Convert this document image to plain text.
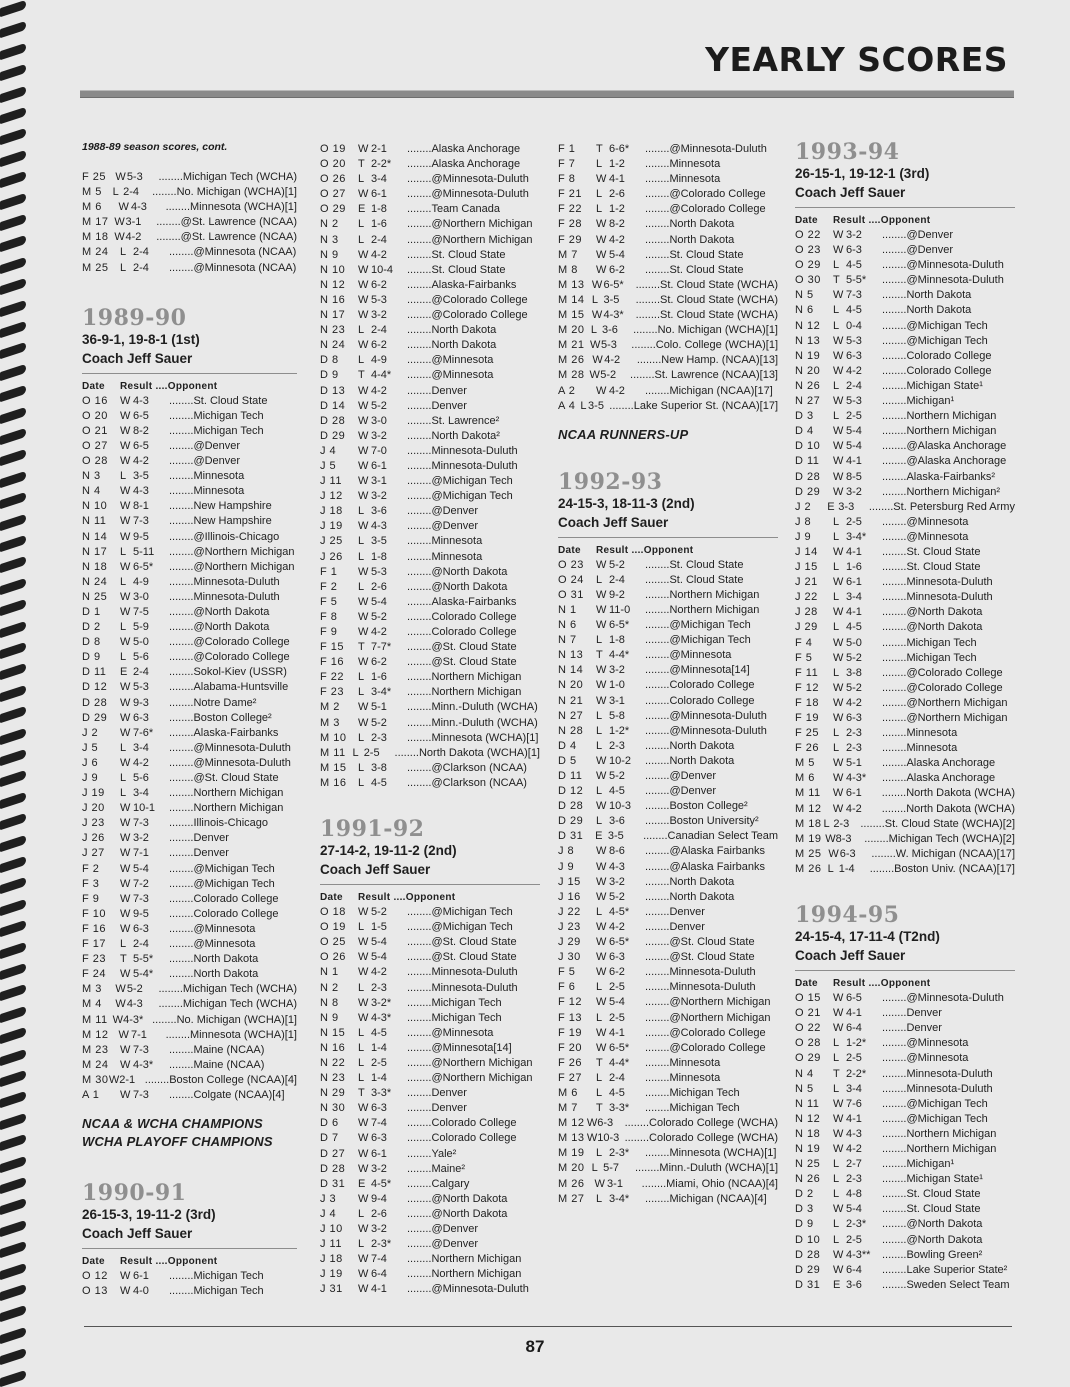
YEARLY SCORES
1988-89 season scores, cont.
F 25 W 5-3	........Michigan Tech (WCHA)
M 5 L 2-4	........No. Michigan (WCHA)[1]
M 6	W 4-3	........Minnesota (WCHA)[1]
M 17 W 3-1	........@St. Lawrence (NCAA)
M 18 W 4-2	........@St. Lawrence (NCAA)
M 24	L 2-4	........@Minnesota (NCAA)
M 25	L 2-4	........@Minnesota (NCAA)
1989-90
36-9-1, 19-8-1 (1st)
Coach Jeff Sauer
Date	Result ....Opponent
O 16	W 4-3	........St. Cloud State
O 20	W 6-5	........Michigan Tech
O 21	W 8-2	........Michigan Tech
O 27	W 6-5	........@Denver
O 28	W 4-2	........@Denver
N 3	L 3-5	........Minnesota
N 4	W 4-3	........Minnesota
N 10	W 8-1	........New Hampshire
N 11	W 7-3	........New Hampshire
N 14	W 9-5	........@Illinois-Chicago
N 17	L 5-11	........@Northern Michigan
N 18	W 6-5*	........@Northern Michigan
N 24	L 4-9	........Minnesota-Duluth
N 25	W 3-0	........Minnesota-Duluth
D 1	W 7-5	........@North Dakota
D 2	L 5-9	........@North Dakota
D 8	W 5-0	........@Colorado College
D 9	L 5-6	........@Colorado College
D 11	E 2-4	........Sokol-Kiev (USSR)
D 12	W 5-3	........Alabama-Huntsville
D 28	W 9-3	........Notre Dame²
D 29	W 6-3	........Boston College²
J 2	W 7-6*	........Alaska-Fairbanks
J 5	L 3-4	........@Minnesota-Duluth
J 6	W 4-2	........@Minnesota-Duluth
J 9	L 5-6	........@St. Cloud State
J 19	L 3-4	........Northern Michigan
J 20	W 10-1	........Northern Michigan
J 23	W 7-3	........Illinois-Chicago
J 26	W 3-2	........Denver
J 27	W 7-1	........Denver
F 2	W 5-4	........@Michigan Tech
F 3	W 7-2	........@Michigan Tech
F 9	W 7-3	........Colorado College
F 10	W 9-5	........Colorado College
F 16	W 6-3	........@Minnesota
F 17	L 2-4	........@Minnesota
F 23	T 5-5*	........North Dakota
F 24	W 5-4*	........North Dakota
M 3	W 5-2	........Michigan Tech (WCHA)
M 4	W 4-3	........Michigan Tech (WCHA)
M 11 W 4-3* ........No. Michigan (WCHA)[1]
M 12 W 7-1	........Minnesota (WCHA)[1]
M 23	W 7-3	........Maine (NCAA)
M 24	W 4-3*	........Maine (NCAA)
M 30 W 2-1 ........Boston College (NCAA)[4]
A 1	W 7-3	........Colgate (NCAA)[4]
NCAA & WCHA CHAMPIONS
WCHA PLAYOFF CHAMPIONS
1990-91
26-15-3, 19-11-2 (3rd)
Coach Jeff Sauer
Date	Result ....Opponent
O 12	W 6-1	........Michigan Tech
O 13	W 4-0	........Michigan Tech
O 19	W 2-1	........Alaska Anchorage
O 20	T 2-2*	........Alaska Anchorage
O 26	L 3-4	........@Minnesota-Duluth
O 27	W 6-1	........@Minnesota-Duluth
O 29	E 1-8	........Team Canada
N 2	L 1-6	........@Northern Michigan
N 3	L 2-4	........@Northern Michigan
N 9	W 4-2	........St. Cloud State
N 10	W 10-4	........St. Cloud State
N 12	W 6-2	........Alaska-Fairbanks
N 16	W 5-3	........@Colorado College
N 17	W 3-2	........@Colorado College
N 23	L 2-4	........North Dakota
N 24	W 6-2	........North Dakota
D 8	L 4-9	........@Minnesota
D 9	T 4-4*	........@Minnesota
D 13	W 4-2	........Denver
D 14	W 5-2	........Denver
D 28	W 3-0	........St. Lawrence²
D 29	W 3-2	........North Dakota²
J 4	W 7-0	........Minnesota-Duluth
J 5	W 6-1	........Minnesota-Duluth
J 11	W 3-1	........@Michigan Tech
J 12	W 3-2	........@Michigan Tech
J 18	L 3-6	........@Denver
J 19	W 4-3	........@Denver
J 25	L 3-5	........Minnesota
J 26	L 1-8	........Minnesota
F 1	W 5-3	........@North Dakota
F 2	L 2-6	........@North Dakota
F 5	W 5-4	........Alaska-Fairbanks
F 8	W 5-2	........Colorado College
F 9	W 4-2	........Colorado College
F 15	T 7-7*	........@St. Cloud State
F 16	W 6-2	........@St. Cloud State
F 22	L 1-6	........Northern Michigan
F 23	L 3-4*	........Northern Michigan
M 2	W 5-1	........Minn.-Duluth (WCHA)
M 3	W 5-2	........Minn.-Duluth (WCHA)
M 10	L 2-3	........Minnesota (WCHA)[1]
M 11 L 2-5	........North Dakota (WCHA)[1]
M 15	L 3-8	........@Clarkson (NCAA)
M 16	L 4-5	........@Clarkson (NCAA)
1991-92
27-14-2, 19-11-2 (2nd)
Coach Jeff Sauer
Date	Result ....Opponent
O 18	W 5-2	........@Michigan Tech
O 19	L 1-5	........@Michigan Tech
O 25	W 5-4	........@St. Cloud State
O 26	W 5-4	........@St. Cloud State
N 1	W 4-2	........Minnesota-Duluth
N 2	L 2-3	........Minnesota-Duluth
N 8	W 3-2*	........Michigan Tech
N 9	W 4-3*	........Michigan Tech
N 15	L 4-5	........@Minnesota
N 16	L 1-4	........@Minnesota[14]
N 22	L 2-5	........@Northern Michigan
N 23	L 1-4	........@Northern Michigan
N 29	T 3-3*	........Denver
N 30	W 6-3	........Denver
D 6	W 7-4	........Colorado College
D 7	W 6-3	........Colorado College
D 27	W 6-1	........Yale²
D 28	W 3-2	........Maine²
D 31	E 4-5*	........Calgary
J 3	W 9-4	........@North Dakota
J 4	L 2-6	........@North Dakota
J 10	W 3-2	........@Denver
J 11	L 2-3*	........@Denver
J 18	W 7-4	........Northern Michigan
J 19	W 6-4	........Northern Michigan
J 31	W 4-1	........@Minnesota-Duluth
F 1	T 6-6*	........@Minnesota-Duluth
F 7	L 1-2	........Minnesota
F 8	W 4-1	........Minnesota
F 21	L 2-6	........@Colorado College
F 22	L 1-2	........@Colorado College
F 28	W 8-2	........North Dakota
F 29	W 4-2	........North Dakota
M 7	W 5-4	........St. Cloud State
M 8	W 6-2	........St. Cloud State
M 13 W 6-5*	........St. Cloud State (WCHA)
M 14 L 3-5	........St. Cloud State (WCHA)
M 15 W 4-3*	........St. Cloud State (WCHA)
M 20 L 3-6	........No. Michigan (WCHA)[1]
M 21 W 5-3	........Colo. College (WCHA)[1]
M 26 W 4-2	........New Hamp. (NCAA)[13]
M 28 W 5-2	........St. Lawrence (NCAA)[13]
A 2	W 4-2	........Michigan (NCAA)[17]
A 4 L 3-5 ........Lake Superior St. (NCAA)[17]
NCAA RUNNERS-UP
1992-93
24-15-3, 18-11-3 (2nd)
Coach Jeff Sauer
Date	Result ....Opponent
O 23	W 5-2	........St. Cloud State
O 24	L 2-4	........St. Cloud State
O 31	W 9-2	........Northern Michigan
N 1	W 11-0	........Northern Michigan
N 6	W 6-5*	........@Michigan Tech
N 7	L 1-8	........@Michigan Tech
N 13	T 4-4*	........@Minnesota
N 14	W 3-2	........@Minnesota[14]
N 20	W 1-0	........Colorado College
N 21	W 3-1	........Colorado College
N 27	L 5-8	........@Minnesota-Duluth
N 28	L 1-2*	........@Minnesota-Duluth
D 4	L 2-3	........North Dakota
D 5	W 10-2	........North Dakota
D 11	W 5-2	........@Denver
D 12	L 4-5	........@Denver
D 28	W 10-3	........Boston College²
D 29	L 3-6	........Boston University²
D 31	E 3-5	........Canadian Select Team
J 8	W 8-6	........@Alaska Fairbanks
J 9	W 4-3	........@Alaska Fairbanks
J 15	W 3-2	........North Dakota
J 16	W 5-2	........North Dakota
J 22	L 4-5*	........Denver
J 23	W 4-2	........Denver
J 29	W 6-5*	........@St. Cloud State
J 30	W 6-3	........@St. Cloud State
F 5	W 6-2	........Minnesota-Duluth
F 6	L 2-5	........Minnesota-Duluth
F 12	W 5-4	........@Northern Michigan
F 13	L 2-5	........@Northern Michigan
F 19	W 4-1	........@Colorado College
F 20	W 6-5*	........@Colorado College
F 26	T 4-4*	........Minnesota
F 27	L 2-4	........Minnesota
M 6	L 4-5	........Michigan Tech
M 7	T 3-3*	........Michigan Tech
M 12 W 6-3	........Colorado College (WCHA)
M 13 W 10-3 ........Colorado College (WCHA)
M 19	L 2-3*	........Minnesota (WCHA)[1]
M 20 L 5-7	........Minn.-Duluth (WCHA)[1]
M 26 W 3-1	........Miami, Ohio (NCAA)[4]
M 27	L 3-4*	........Michigan (NCAA)[4]
1993-94
26-15-1, 19-12-1 (3rd)
Coach Jeff Sauer
Date	Result ....Opponent
O 22	W 3-2	........@Denver
O 23	W 6-3	........@Denver
O 29	L 4-5	........@Minnesota-Duluth
O 30	T 5-5*	........@Minnesota-Duluth
N 5	W 7-3	........North Dakota
N 6	L 4-5	........North Dakota
N 12	L 0-4	........@Michigan Tech
N 13	W 5-3	........@Michigan Tech
N 19	W 6-3	........Colorado College
N 20	W 4-2	........Colorado College
N 26	L 2-4	........Michigan State¹
N 27	W 5-3	........Michigan¹
D 3	L 2-5	........Northern Michigan
D 4	W 5-4	........Northern Michigan
D 10	W 5-4	........@Alaska Anchorage
D 11	W 4-1	........@Alaska Anchorage
D 28	W 8-5	........Alaska-Fairbanks²
D 29	W 3-2	........Northern Michigan²
J 2	E 3-3	........St. Petersburg Red Army
J 8	L 2-5	........@Minnesota
J 9	L 3-4*	........@Minnesota
J 14	W 4-1	........St. Cloud State
J 15	L 1-6	........St. Cloud State
J 21	W 6-1	........Minnesota-Duluth
J 22	L 3-4	........Minnesota-Duluth
J 28	W 4-1	........@North Dakota
J 29	L 4-5	........@North Dakota
F 4	W 5-0	........Michigan Tech
F 5	W 5-2	........Michigan Tech
F 11	L 3-8	........@Colorado College
F 12	W 5-2	........@Colorado College
F 18	W 4-2	........@Northern Michigan
F 19	W 6-3	........@Northern Michigan
F 25	L 2-3	........Minnesota
F 26	L 2-3	........Minnesota
M 5	W 5-1	........Alaska Anchorage
M 6	W 4-3*	........Alaska Anchorage
M 11	W 6-1	........North Dakota (WCHA)
M 12	W 4-2	........North Dakota (WCHA)
M 18 L 2-3	........St. Cloud State (WCHA)[2]
M 19 W 8-3	........Michigan Tech (WCHA)[2]
M 25 W 6-3	........W. Michigan (NCAA)[17]
M 26 L 1-4	........Boston Univ. (NCAA)[17]
1994-95
24-15-4, 17-11-4 (T2nd)
Coach Jeff Sauer
Date	Result ....Opponent
O 15	W 6-5	........@Minnesota-Duluth
O 21	W 4-1	........Denver
O 22	W 6-4	........Denver
O 28	L 1-2*	........@Minnesota
O 29	L 2-5	........@Minnesota
N 4	T 2-2*	........Minnesota-Duluth
N 5	L 3-4	........Minnesota-Duluth
N 11	W 7-6	........@Michigan Tech
N 12	W 4-1	........@Michigan Tech
N 18	W 4-3	........Northern Michigan
N 19	W 4-2	........Northern Michigan
N 25	L 2-7	........Michigan¹
N 26	L 2-3	........Michigan State¹
D 2	L 4-8	........St. Cloud State
D 3	W 5-4	........St. Cloud State
D 9	L 2-3*	........@North Dakota
D 10	L 2-5	........@North Dakota
D 28	W 4-3**	........Bowling Green²
D 29	W 6-4	........Lake Superior State²
D 31	E 3-6	........Sweden Select Team
87
